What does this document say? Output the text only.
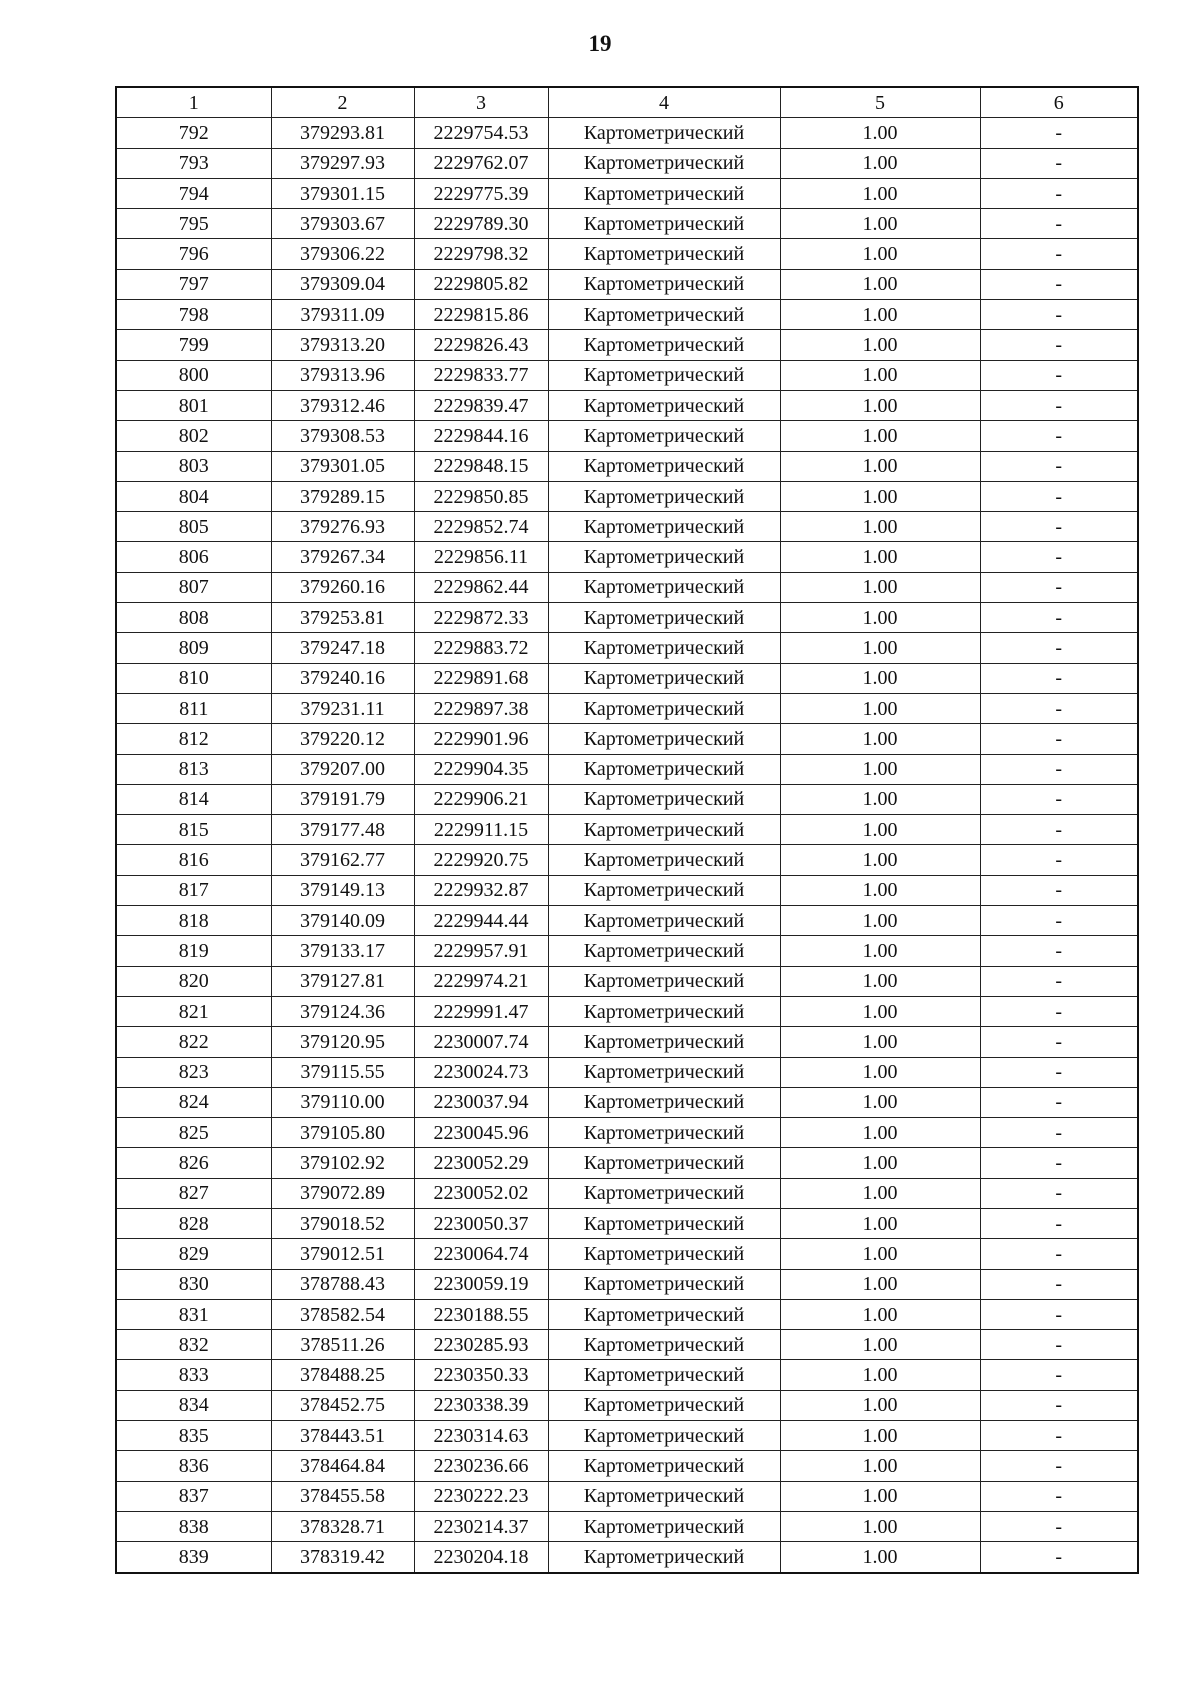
19
1	2	3	4	5	6
792	379293.81	2229754.53	Картометрический	1.00	-
793	379297.93	2229762.07	Картометрический	1.00	-
794	379301.15	2229775.39	Картометрический	1.00	-
795	379303.67	2229789.30	Картометрический	1.00	-
796	379306.22	2229798.32	Картометрический	1.00	-
797	379309.04	2229805.82	Картометрический	1.00	-
798	379311.09	2229815.86	Картометрический	1.00	-
799	379313.20	2229826.43	Картометрический	1.00	-
800	379313.96	2229833.77	Картометрический	1.00	-
801	379312.46	2229839.47	Картометрический	1.00	-
802	379308.53	2229844.16	Картометрический	1.00	-
803	379301.05	2229848.15	Картометрический	1.00	-
804	379289.15	2229850.85	Картометрический	1.00	-
805	379276.93	2229852.74	Картометрический	1.00	-
806	379267.34	2229856.11	Картометрический	1.00	-
807	379260.16	2229862.44	Картометрический	1.00	-
808	379253.81	2229872.33	Картометрический	1.00	-
809	379247.18	2229883.72	Картометрический	1.00	-
810	379240.16	2229891.68	Картометрический	1.00	-
811	379231.11	2229897.38	Картометрический	1.00	-
812	379220.12	2229901.96	Картометрический	1.00	-
813	379207.00	2229904.35	Картометрический	1.00	-
814	379191.79	2229906.21	Картометрический	1.00	-
815	379177.48	2229911.15	Картометрический	1.00	-
816	379162.77	2229920.75	Картометрический	1.00	-
817	379149.13	2229932.87	Картометрический	1.00	-
818	379140.09	2229944.44	Картометрический	1.00	-
819	379133.17	2229957.91	Картометрический	1.00	-
820	379127.81	2229974.21	Картометрический	1.00	-
821	379124.36	2229991.47	Картометрический	1.00	-
822	379120.95	2230007.74	Картометрический	1.00	-
823	379115.55	2230024.73	Картометрический	1.00	-
824	379110.00	2230037.94	Картометрический	1.00	-
825	379105.80	2230045.96	Картометрический	1.00	-
826	379102.92	2230052.29	Картометрический	1.00	-
827	379072.89	2230052.02	Картометрический	1.00	-
828	379018.52	2230050.37	Картометрический	1.00	-
829	379012.51	2230064.74	Картометрический	1.00	-
830	378788.43	2230059.19	Картометрический	1.00	-
831	378582.54	2230188.55	Картометрический	1.00	-
832	378511.26	2230285.93	Картометрический	1.00	-
833	378488.25	2230350.33	Картометрический	1.00	-
834	378452.75	2230338.39	Картометрический	1.00	-
835	378443.51	2230314.63	Картометрический	1.00	-
836	378464.84	2230236.66	Картометрический	1.00	-
837	378455.58	2230222.23	Картометрический	1.00	-
838	378328.71	2230214.37	Картометрический	1.00	-
839	378319.42	2230204.18	Картометрический	1.00	-
